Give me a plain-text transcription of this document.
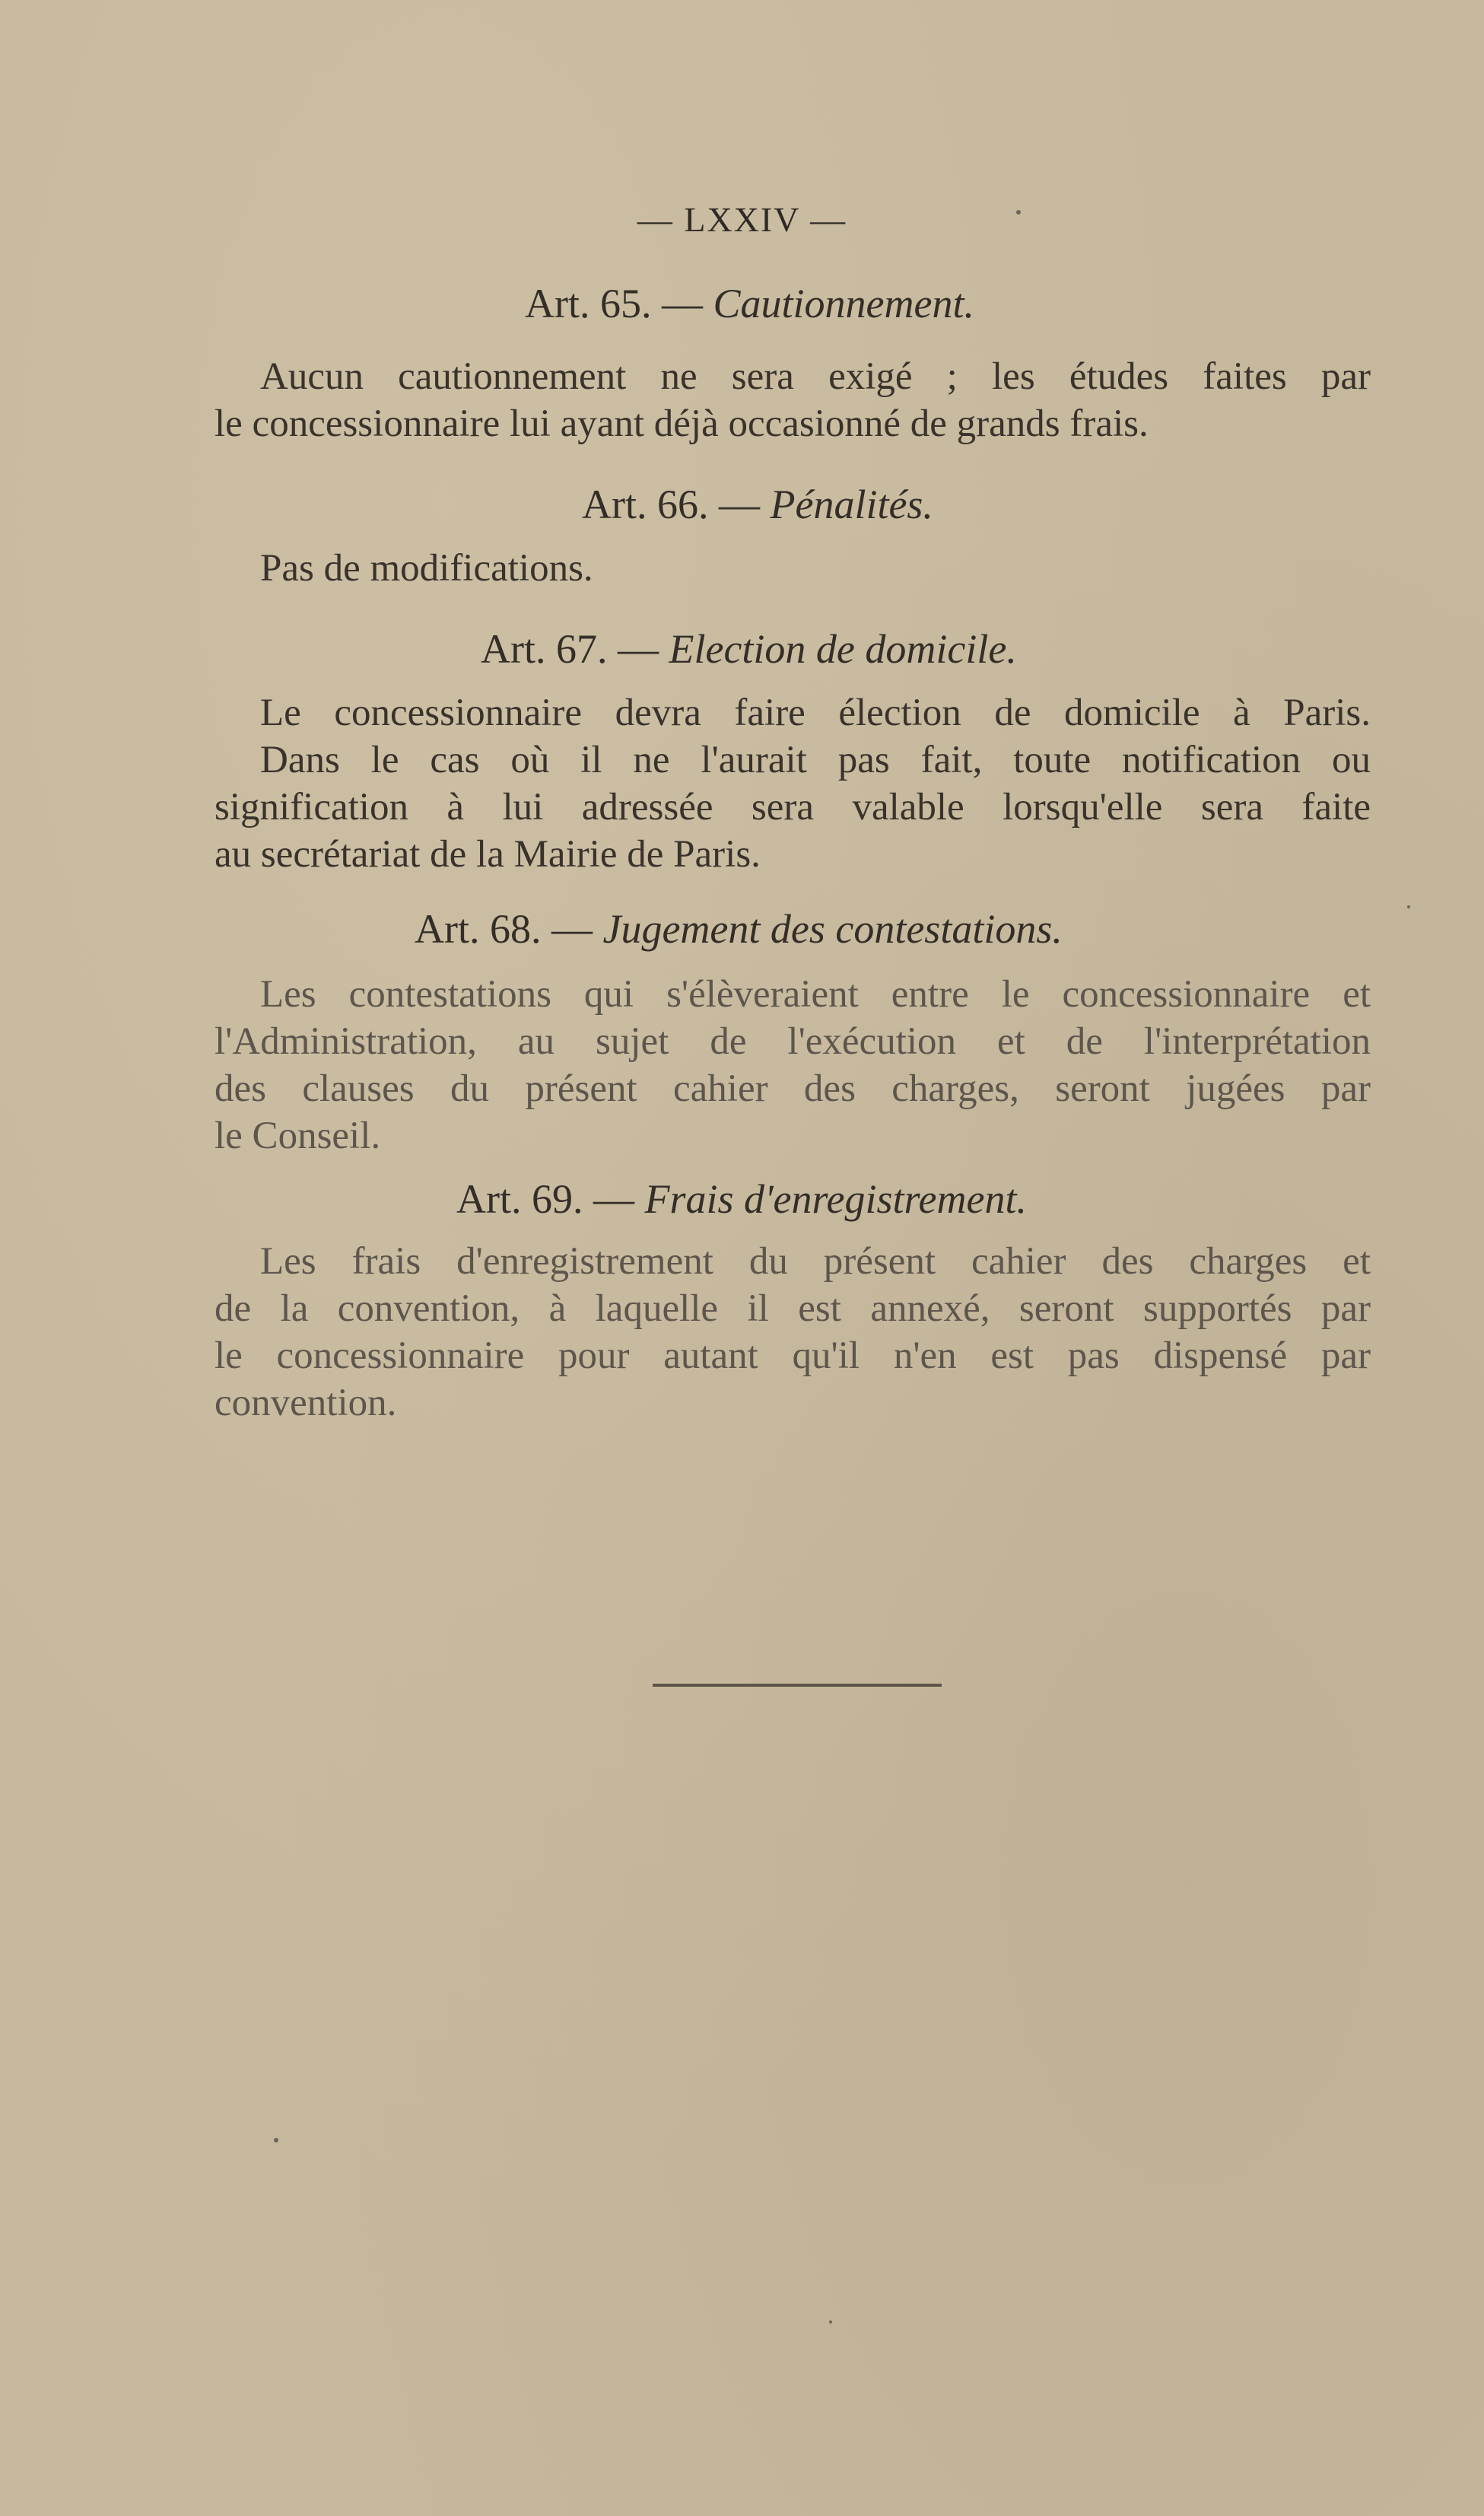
— LXXIV —
Art. 65. — Cautionnement.
Aucun cautionnement ne sera exigé ; les études faites par
le concessionnaire lui ayant déjà occasionné de grands frais.
Art. 66. — Pénalités.
Pas de modifications.
Art. 67. — Election de domicile.
Le concessionnaire devra faire élection de domicile à Paris.
Dans le cas où il ne l'aurait pas fait, toute notification ou
signification à lui adressée sera valable lorsqu'elle sera faite
au secrétariat de la Mairie de Paris.
Art. 68. — Jugement des contestations.
Les contestations qui s'élèveraient entre le concessionnaire et
l'Administration, au sujet de l'exécution et de l'interprétation
des clauses du présent cahier des charges, seront jugées par
le Conseil.
Art. 69. — Frais d'enregistrement.
Les frais d'enregistrement du présent cahier des charges et
de la convention, à laquelle il est annexé, seront supportés par
le concessionnaire pour autant qu'il n'en est pas dispensé par
convention.
